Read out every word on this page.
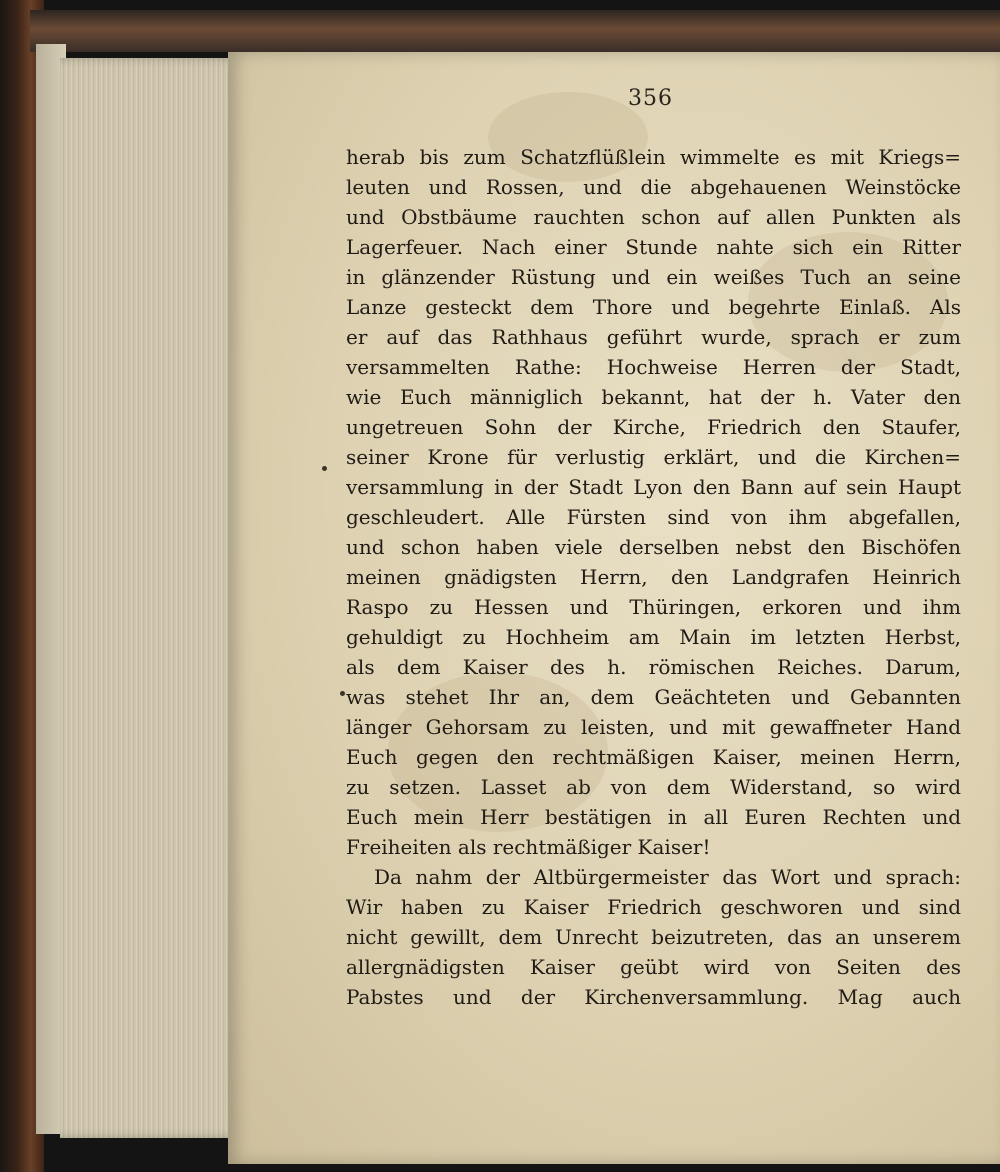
356
herab bis zum Schatzflüßlein wimmelte es mit Kriegs=
leuten und Rossen, und die abgehauenen Weinstöcke
und Obstbäume rauchten schon auf allen Punkten als
Lagerfeuer. Nach einer Stunde nahte sich ein Ritter
in glänzender Rüstung und ein weißes Tuch an seine
Lanze gesteckt dem Thore und begehrte Einlaß. Als
er auf das Rathhaus geführt wurde, sprach er zum
versammelten Rathe: Hochweise Herren der Stadt,
wie Euch männiglich bekannt, hat der h. Vater den
ungetreuen Sohn der Kirche, Friedrich den Staufer,
seiner Krone für verlustig erklärt, und die Kirchen=
versammlung in der Stadt Lyon den Bann auf sein Haupt
geschleudert. Alle Fürsten sind von ihm abgefallen,
und schon haben viele derselben nebst den Bischöfen
meinen gnädigsten Herrn, den Landgrafen Heinrich
Raspo zu Hessen und Thüringen, erkoren und ihm
gehuldigt zu Hochheim am Main im letzten Herbst,
als dem Kaiser des h. römischen Reiches. Darum,
was stehet Ihr an, dem Geächteten und Gebannten
länger Gehorsam zu leisten, und mit gewaffneter Hand
Euch gegen den rechtmäßigen Kaiser, meinen Herrn,
zu setzen. Lasset ab von dem Widerstand, so wird
Euch mein Herr bestätigen in all Euren Rechten und
Freiheiten als rechtmäßiger Kaiser!
Da nahm der Altbürgermeister das Wort und sprach:
Wir haben zu Kaiser Friedrich geschworen und sind
nicht gewillt, dem Unrecht beizutreten, das an unserem
allergnädigsten Kaiser geübt wird von Seiten des
Pabstes und der Kirchenversammlung. Mag auch
